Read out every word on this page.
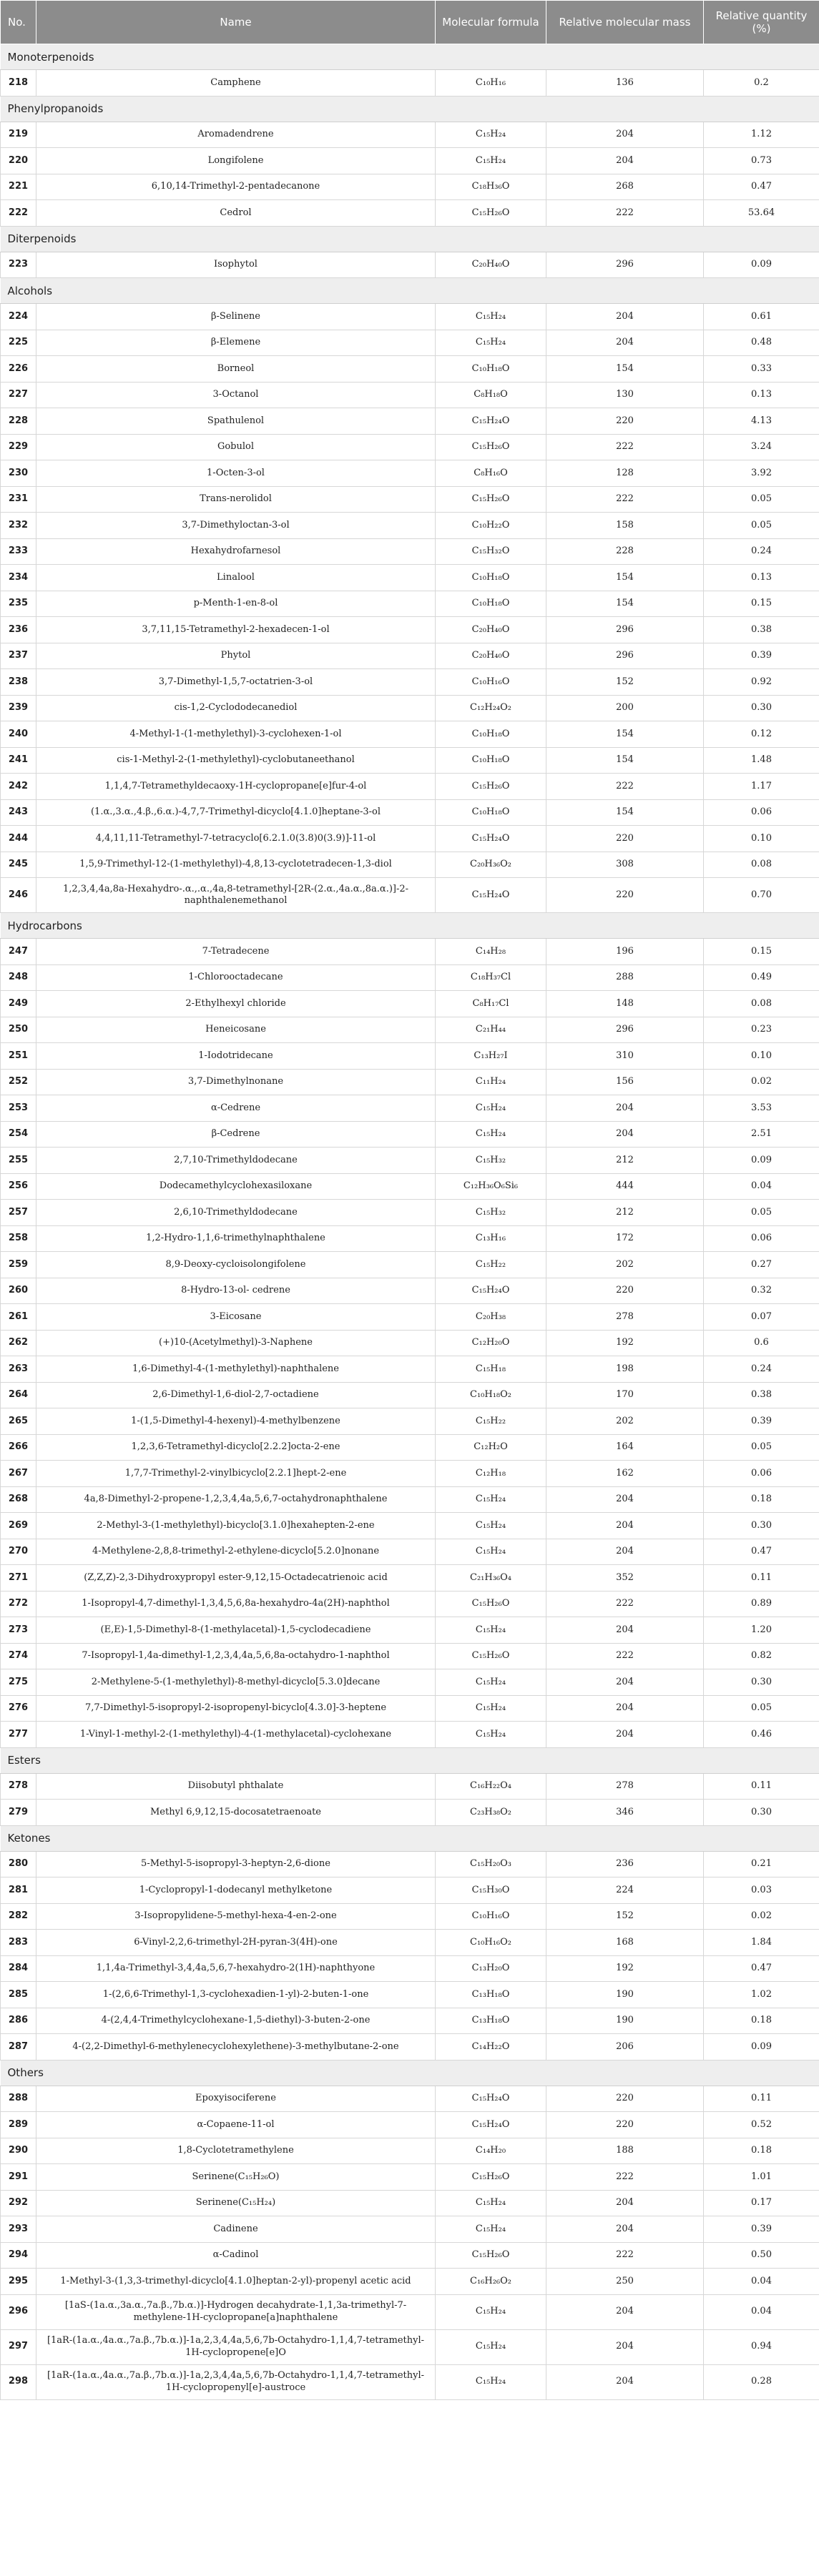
No.	Name	Molecular formula	Relative molecular mass	Relative quantity (%)
Monoterpenoids				
218	Camphene	C₁₀H₁₆	136	0.2
Phenylpropanoids				
219	Aromadendrene	C₁₅H₂₄	204	1.12
220	Longifolene	C₁₅H₂₄	204	0.73
221	6,10,14-Trimethyl-2-pentadecanone	C₁₈H₃₆O	268	0.47
222	Cedrol	C₁₅H₂₆O	222	53.64
Diterpenoids				
223	Isophytol	C₂₀H₄₀O	296	0.09
Alcohols				
224	β-Selinene	C₁₅H₂₄	204	0.61
225	β-Elemene	C₁₅H₂₄	204	0.48
226	Borneol	C₁₀H₁₈O	154	0.33
227	3-Octanol	C₈H₁₈O	130	0.13
228	Spathulenol	C₁₅H₂₄O	220	4.13
229	Gobulol	C₁₅H₂₆O	222	3.24
230	1-Octen-3-ol	C₈H₁₆O	128	3.92
231	Trans-nerolidol	C₁₅H₂₆O	222	0.05
232	3,7-Dimethyloctan-3-ol	C₁₀H₂₂O	158	0.05
233	Hexahydrofarnesol	C₁₅H₃₂O	228	0.24
234	Linalool	C₁₀H₁₈O	154	0.13
235	p-Menth-1-en-8-ol	C₁₀H₁₈O	154	0.15
236	3,7,11,15-Tetramethyl-2-hexadecen-1-ol	C₂₀H₄₀O	296	0.38
237	Phytol	C₂₀H₄₀O	296	0.39
238	3,7-Dimethyl-1,5,7-octatrien-3-ol	C₁₀H₁₆O	152	0.92
239	cis-1,2-Cyclododecanediol	C₁₂H₂₄O₂	200	0.30
240	4-Methyl-1-(1-methylethyl)-3-cyclohexen-1-ol	C₁₀H₁₈O	154	0.12
241	cis-1-Methyl-2-(1-methylethyl)-cyclobutaneethanol	C₁₀H₁₈O	154	1.48
242	1,1,4,7-Tetramethyldecaoxy-1H-cyclopropane[e]fur-4-ol	C₁₅H₂₆O	222	1.17
243	(1.α.,3.α.,4.β.,6.α.)-4,7,7-Trimethyl-dicyclo[4.1.0]heptane-3-ol	C₁₀H₁₈O	154	0.06
244	4,4,11,11-Tetramethyl-7-tetracyclo[6.2.1.0(3.8)0(3.9)]-11-ol	C₁₅H₂₄O	220	0.10
245	1,5,9-Trimethyl-12-(1-methylethyl)-4,8,13-cyclotetradecen-1,3-diol	C₂₀H₃₆O₂	308	0.08
246	1,2,3,4,4a,8a-Hexahydro-.α.,.α.,4a,8-tetramethyl-[2R-(2.α.,4a.α.,8a.α.)]-2-naphthalenemethanol	C₁₅H₂₄O	220	0.70
Hydrocarbons				
247	7-Tetradecene	C₁₄H₂₈	196	0.15
248	1-Chlorooctadecane	C₁₈H₃₇Cl	288	0.49
249	2-Ethylhexyl chloride	C₈H₁₇Cl	148	0.08
250	Heneicosane	C₂₁H₄₄	296	0.23
251	1-Iodotridecane	C₁₃H₂₇I	310	0.10
252	3,7-Dimethylnonane	C₁₁H₂₄	156	0.02
253	α-Cedrene	C₁₅H₂₄	204	3.53
254	β-Cedrene	C₁₅H₂₄	204	2.51
255	2,7,10-Trimethyldodecane	C₁₅H₃₂	212	0.09
256	Dodecamethylcyclohexasiloxane	C₁₂H₃₆O₆Si₆	444	0.04
257	2,6,10-Trimethyldodecane	C₁₅H₃₂	212	0.05
258	1,2-Hydro-1,1,6-trimethylnaphthalene	C₁₃H₁₆	172	0.06
259	8,9-Deoxy-cycloisolongifolene	C₁₅H₂₂	202	0.27
260	8-Hydro-13-ol- cedrene	C₁₅H₂₄O	220	0.32
261	3-Eicosane	C₂₀H₃₈	278	0.07
262	(+)10-(Acetylmethyl)-3-Naphene	C₁₂H₂₀O	192	0.6
263	1,6-Dimethyl-4-(1-methylethyl)-naphthalene	C₁₅H₁₈	198	0.24
264	2,6-Dimethyl-1,6-diol-2,7-octadiene	C₁₀H₁₈O₂	170	0.38
265	1-(1,5-Dimethyl-4-hexenyl)-4-methylbenzene	C₁₅H₂₂	202	0.39
266	1,2,3,6-Tetramethyl-dicyclo[2.2.2]octa-2-ene	C₁₂H₂O	164	0.05
267	1,7,7-Trimethyl-2-vinylbicyclo[2.2.1]hept-2-ene	C₁₂H₁₈	162	0.06
268	4a,8-Dimethyl-2-propene-1,2,3,4,4a,5,6,7-octahydronaphthalene	C₁₅H₂₄	204	0.18
269	2-Methyl-3-(1-methylethyl)-bicyclo[3.1.0]hexahepten-2-ene	C₁₅H₂₄	204	0.30
270	4-Methylene-2,8,8-trimethyl-2-ethylene-dicyclo[5.2.0]nonane	C₁₅H₂₄	204	0.47
271	(Z,Z,Z)-2,3-Dihydroxypropyl ester-9,12,15-Octadecatrienoic acid	C₂₁H₃₆O₄	352	0.11
272	1-Isopropyl-4,7-dimethyl-1,3,4,5,6,8a-hexahydro-4a(2H)-naphthol	C₁₅H₂₆O	222	0.89
273	(E,E)-1,5-Dimethyl-8-(1-methylacetal)-1,5-cyclodecadiene	C₁₅H₂₄	204	1.20
274	7-Isopropyl-1,4a-dimethyl-1,2,3,4,4a,5,6,8a-octahydro-1-naphthol	C₁₅H₂₆O	222	0.82
275	2-Methylene-5-(1-methylethyl)-8-methyl-dicyclo[5.3.0]decane	C₁₅H₂₄	204	0.30
276	7,7-Dimethyl-5-isopropyl-2-isopropenyl-bicyclo[4.3.0]-3-heptene	C₁₅H₂₄	204	0.05
277	1-Vinyl-1-methyl-2-(1-methylethyl)-4-(1-methylacetal)-cyclohexane	C₁₅H₂₄	204	0.46
Esters				
278	Diisobutyl phthalate	C₁₆H₂₂O₄	278	0.11
279	Methyl 6,9,12,15-docosatetraenoate	C₂₃H₃₈O₂	346	0.30
Ketones				
280	5-Methyl-5-isopropyl-3-heptyn-2,6-dione	C₁₅H₂₀O₃	236	0.21
281	1-Cyclopropyl-1-dodecanyl methylketone	C₁₅H₃₀O	224	0.03
282	3-Isopropylidene-5-methyl-hexa-4-en-2-one	C₁₀H₁₆O	152	0.02
283	6-Vinyl-2,2,6-trimethyl-2H-pyran-3(4H)-one	C₁₀H₁₆O₂	168	1.84
284	1,1,4a-Trimethyl-3,4,4a,5,6,7-hexahydro-2(1H)-naphthyone	C₁₃H₂₀O	192	0.47
285	1-(2,6,6-Trimethyl-1,3-cyclohexadien-1-yl)-2-buten-1-one	C₁₃H₁₈O	190	1.02
286	4-(2,4,4-Trimethylcyclohexane-1,5-diethyl)-3-buten-2-one	C₁₃H₁₈O	190	0.18
287	4-(2,2-Dimethyl-6-methylenecyclohexylethene)-3-methylbutane-2-one	C₁₄H₂₂O	206	0.09
Others				
288	Epoxyisociferene	C₁₅H₂₄O	220	0.11
289	α-Copaene-11-ol	C₁₅H₂₄O	220	0.52
290	1,8-Cyclotetramethylene	C₁₄H₂₀	188	0.18
291	Serinene(C₁₅H₂₆O)	C₁₅H₂₆O	222	1.01
292	Serinene(C₁₅H₂₄)	C₁₅H₂₄	204	0.17
293	Cadinene	C₁₅H₂₄	204	0.39
294	α-Cadinol	C₁₅H₂₆O	222	0.50
295	1-Methyl-3-(1,3,3-trimethyl-dicyclo[4.1.0]heptan-2-yl)-propenyl acetic acid	C₁₆H₂₆O₂	250	0.04
296	[1aS-(1a.α.,3a.α.,7a.β.,7b.α.)]-Hydrogen decahydrate-1,1,3a-trimethyl-7-methylene-1H-cyclopropane[a]naphthalene	C₁₅H₂₄	204	0.04
297	[1aR-(1a.α.,4a.α.,7a.β.,7b.α.)]-1a,2,3,4,4a,5,6,7b-Octahydro-1,1,4,7-tetramethyl-1H-cyclopropene[e]O	C₁₅H₂₄	204	0.94
298	[1aR-(1a.α.,4a.α.,7a.β.,7b.α.)]-1a,2,3,4,4a,5,6,7b-Octahydro-1,1,4,7-tetramethyl-1H-cyclopropenyl[e]-austroce	C₁₅H₂₄	204	0.28
